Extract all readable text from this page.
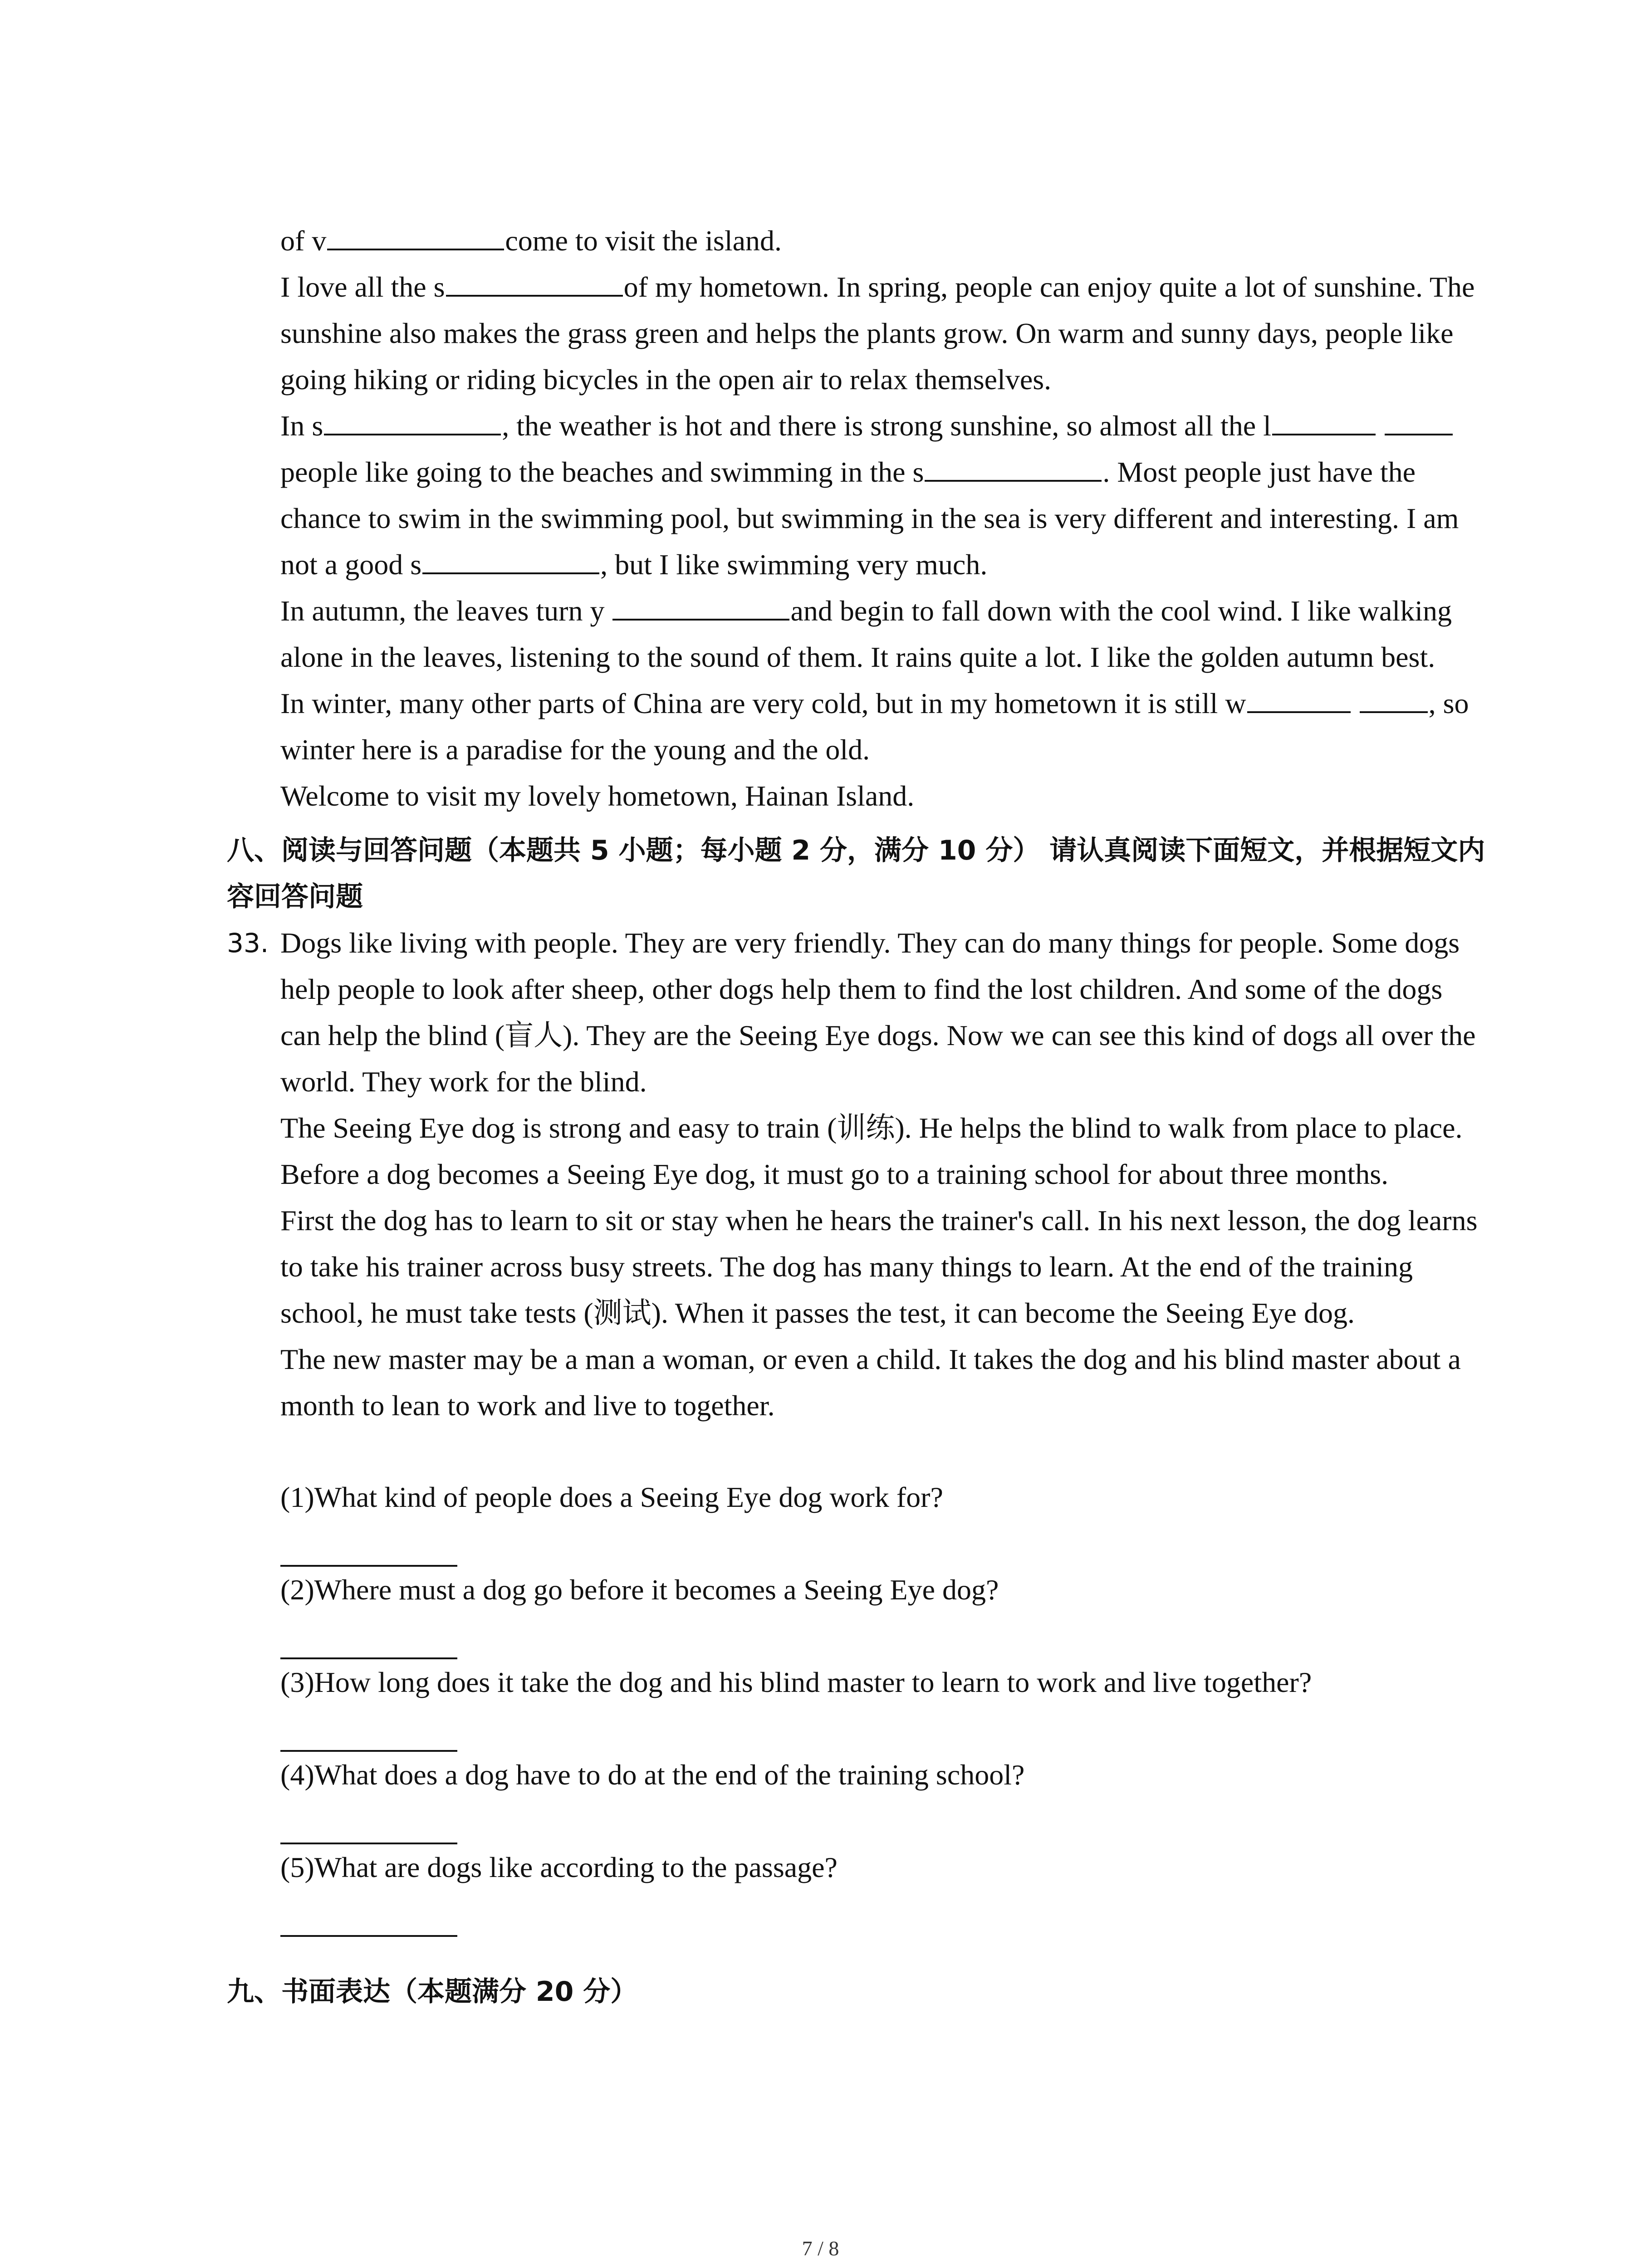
of v	come to visit the island.

I love all the s	of my hometown. In spring, people can enjoy quite a lot of sunshine. The sunshine also makes the grass green and helps the plants grow. On warm and sunny days, people like going hiking or riding bicycles in the open air to relax themselves.

In s	, the weather is hot and there is strong sunshine, so almost all the l people like going to the beaches and swimming in the s	. Most people just have the chance to swim in the swimming pool, but swimming in the sea is very different and interesting. I am not a good s	, but I like swimming very much.

In autumn, the leaves turn y	and begin to fall down with the cool wind. I like walking alone in the leaves, listening to the sound of them. It rains quite a lot. I like the golden autumn best.

In winter, many other parts of China are very cold, but in my hometown it is still w	, so winter here is a paradise for the young and the old.

Welcome to visit my lovely hometown, Hainan Island.

八、阅读与回答问题（本题共 5 小题；每小题 2 分，满分 10 分） 请认真阅读下面短文，并根据短文内容回答问题
33. Dogs like living with people. They are very friendly. They can do many things for people. Some dogs help people to look after sheep, other dogs help them to find the lost children. And some of the dogs can help the blind (盲人). They are the Seeing Eye dogs. Now we can see this kind of dogs all over the world. They work for the blind.

The Seeing Eye dog is strong and easy to train (训练). He helps the blind to walk from place to place. Before a dog becomes a Seeing Eye dog, it must go to a training school for about three months.

First the dog has to learn to sit or stay when he hears the trainer's call. In his next lesson, the dog learns to take his trainer across busy streets. The dog has many things to learn. At the end of the training school, he must take tests (测试). When it passes the test, it can become the Seeing Eye dog.

The new master may be a man a woman, or even a child. It takes the dog and his blind master about a month to lean to work and live to together.

(1)What kind of people does a Seeing Eye dog work for?

(2)Where must a dog go before it becomes a Seeing Eye dog?

(3)How long does it take the dog and his blind master to learn to work and live together?

(4)What does a dog have to do at the end of the training school?

(5)What are dogs like according to the passage?

九、书面表达（本题满分 20 分）
7 / 8
